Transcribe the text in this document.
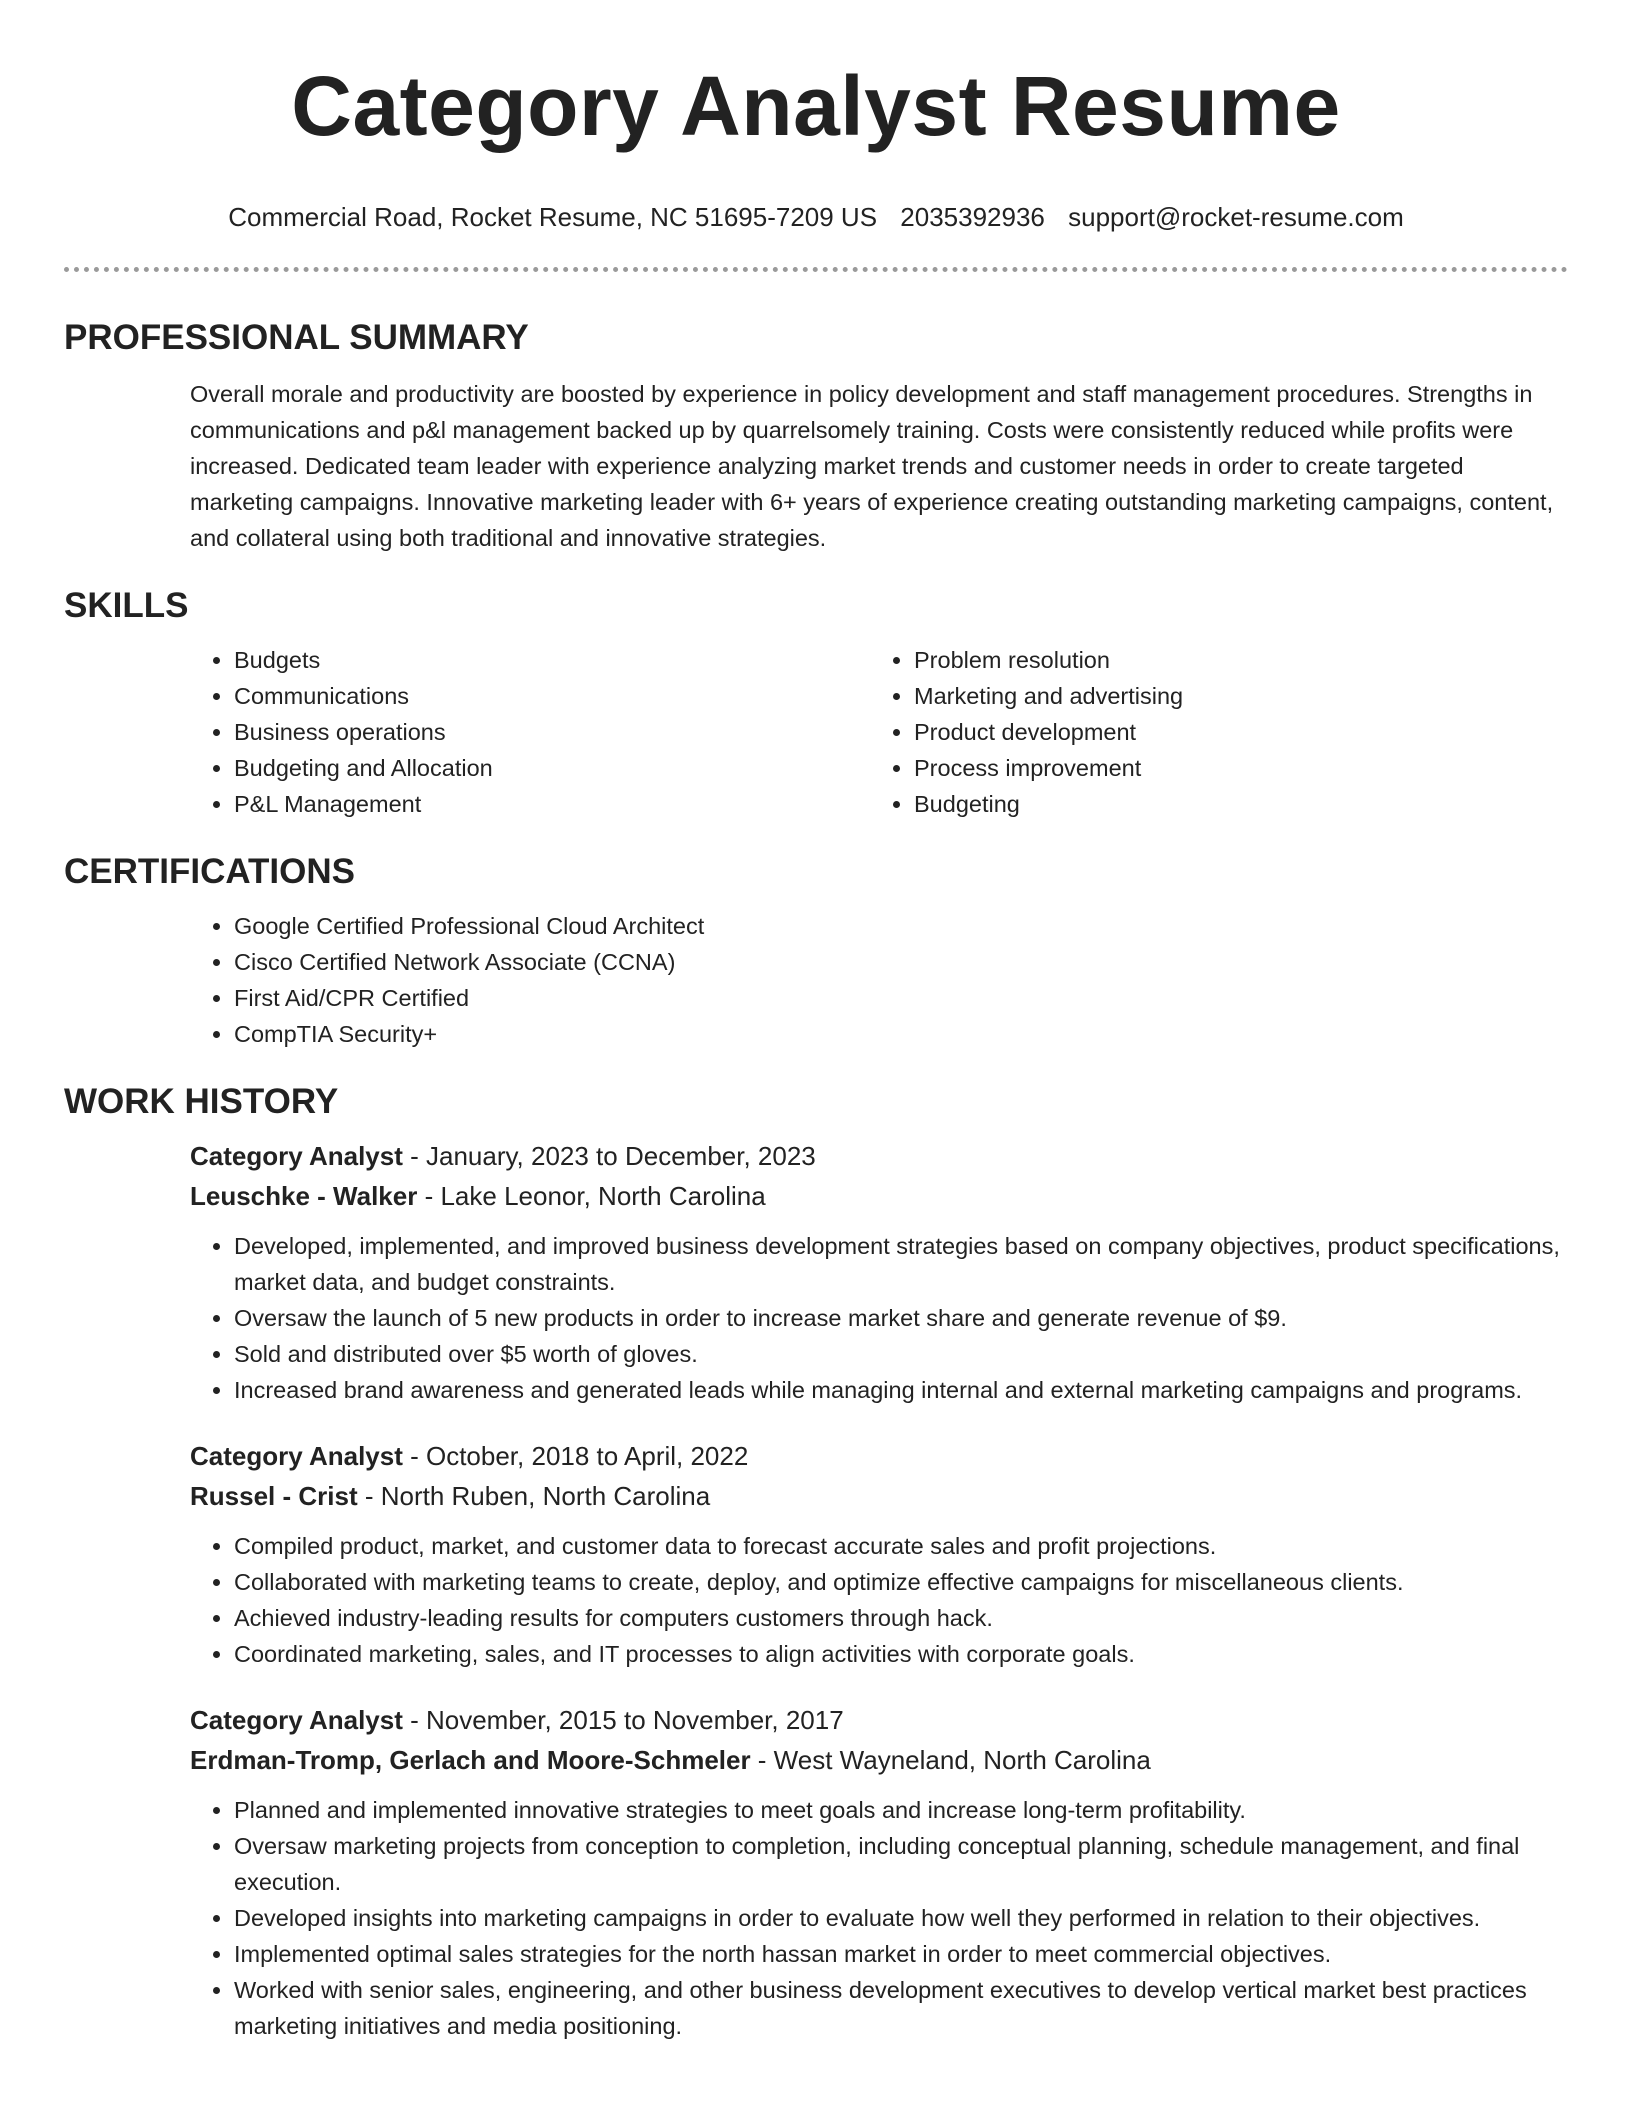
Category Analyst Resume
Commercial Road, Rocket Resume, NC 51695-7209 US 2035392936 support@rocket-resume.com
PROFESSIONAL SUMMARY
Overall morale and productivity are boosted by experience in policy development and staff management procedures. Strengths in communications and p&l management backed up by quarrelsomely training. Costs were consistently reduced while profits were increased. Dedicated team leader with experience analyzing market trends and customer needs in order to create targeted marketing campaigns. Innovative marketing leader with 6+ years of experience creating outstanding marketing campaigns, content, and collateral using both traditional and innovative strategies.
SKILLS
• Budgets
• Communications
• Business operations
• Budgeting and Allocation
• P&L Management
• Problem resolution
• Marketing and advertising
• Product development
• Process improvement
• Budgeting
CERTIFICATIONS
• Google Certified Professional Cloud Architect
• Cisco Certified Network Associate (CCNA)
• First Aid/CPR Certified
• CompTIA Security+
WORK HISTORY
Category Analyst - January, 2023 to December, 2023
Leuschke - Walker - Lake Leonor, North Carolina
• Developed, implemented, and improved business development strategies based on company objectives, product specifications, market data, and budget constraints.
• Oversaw the launch of 5 new products in order to increase market share and generate revenue of $9.
• Sold and distributed over $5 worth of gloves.
• Increased brand awareness and generated leads while managing internal and external marketing campaigns and programs.
Category Analyst - October, 2018 to April, 2022
Russel - Crist - North Ruben, North Carolina
• Compiled product, market, and customer data to forecast accurate sales and profit projections.
• Collaborated with marketing teams to create, deploy, and optimize effective campaigns for miscellaneous clients.
• Achieved industry-leading results for computers customers through hack.
• Coordinated marketing, sales, and IT processes to align activities with corporate goals.
Category Analyst - November, 2015 to November, 2017
Erdman-Tromp, Gerlach and Moore-Schmeler - West Wayneland, North Carolina
• Planned and implemented innovative strategies to meet goals and increase long-term profitability.
• Oversaw marketing projects from conception to completion, including conceptual planning, schedule management, and final execution.
• Developed insights into marketing campaigns in order to evaluate how well they performed in relation to their objectives.
• Implemented optimal sales strategies for the north hassan market in order to meet commercial objectives.
• Worked with senior sales, engineering, and other business development executives to develop vertical market best practices marketing initiatives and media positioning.
